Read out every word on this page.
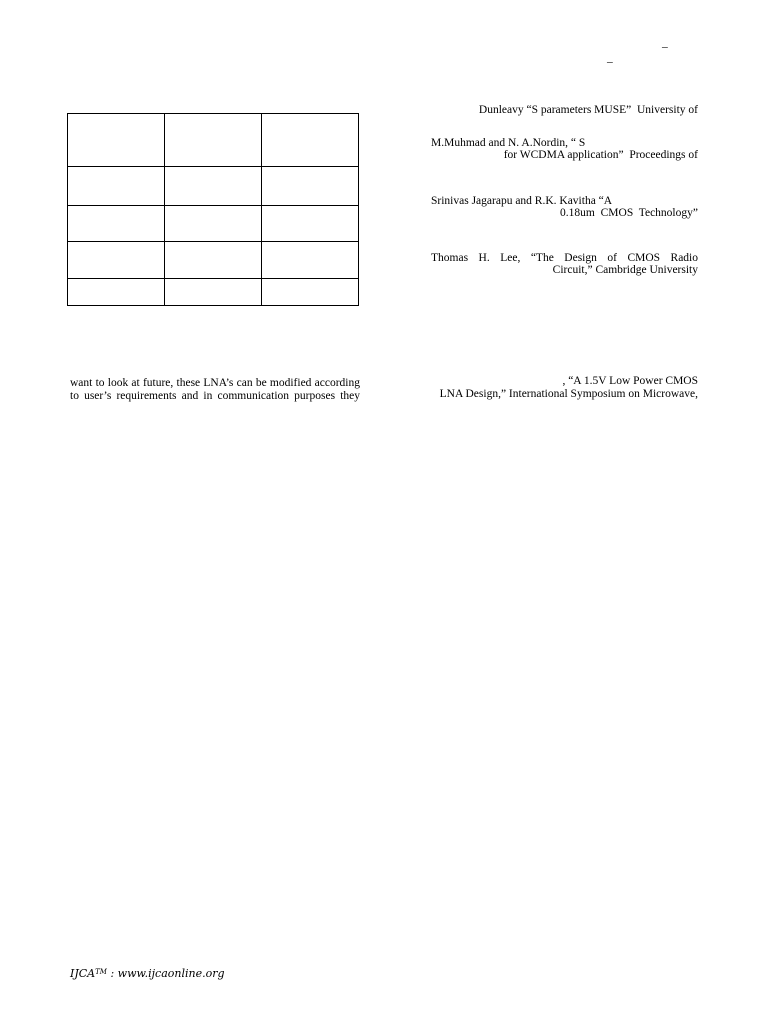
–
–

want to look at future, these LNA’s can be modified according
to user’s requirements and in communication purposes they
Dunleavy “S parameters MUSE”  University of
M.Muhmad and N. A.Nordin, “ S
for WCDMA application”  Proceedings of
Srinivas Jagarapu and R.K. Kavitha “A
0.18um  CMOS  Technology”
Thomas H. Lee, “The Design of CMOS Radio
Circuit,” Cambridge University
, “A 1.5V Low Power CMOS
LNA Design,” International Symposium on Microwave,
IJCA™ : www.ijcaonline.org
